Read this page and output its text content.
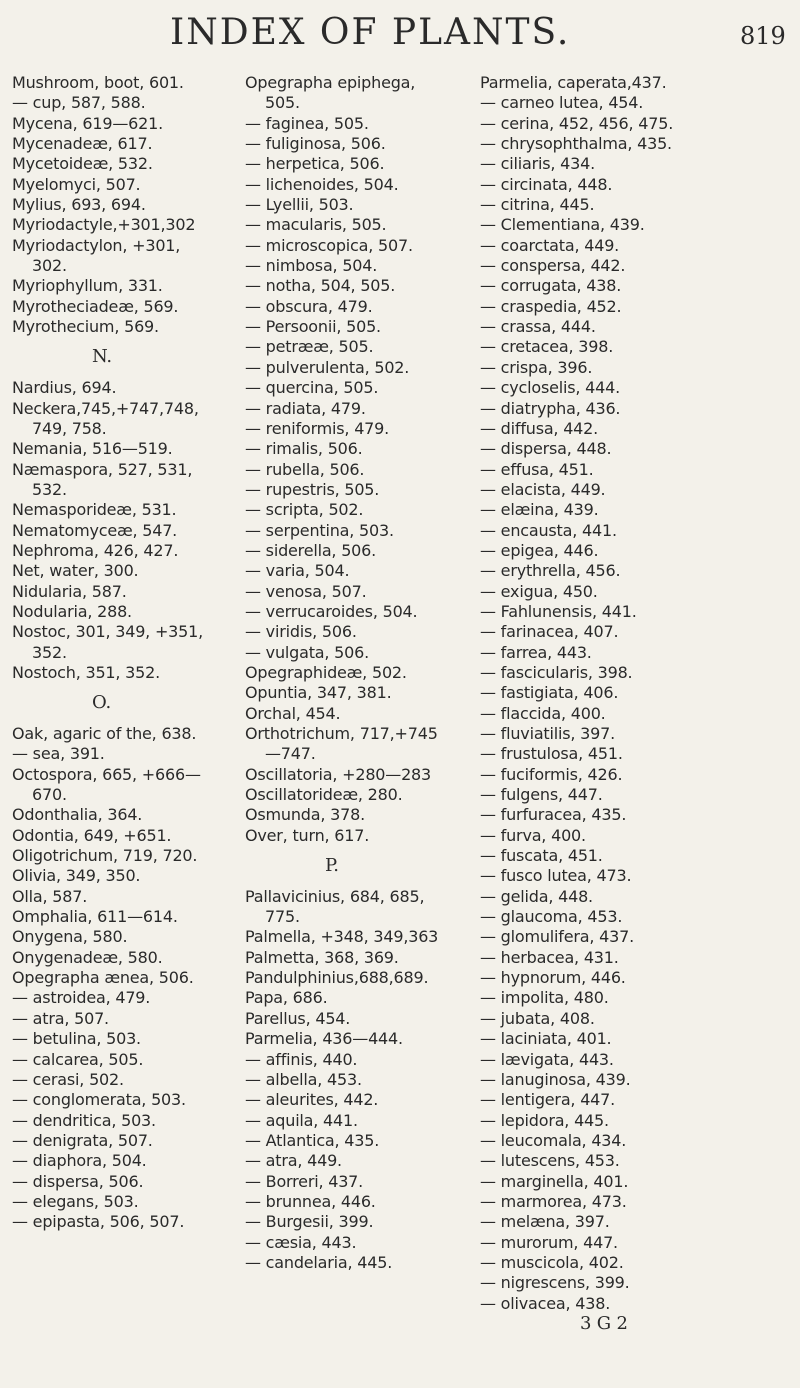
INDEX OF PLANTS.	819
Mushroom, boot, 601.
— cup, 587, 588.
Mycena, 619—621.
Mycenadeæ, 617.
Mycetoideæ, 532.
Myelomyci, 507.
Mylius, 693, 694.
Myriodactyle,+301,302
Myriodactylon, +301,
302.
Myriophyllum, 331.
Myrotheciadeæ, 569.
Myrothecium, 569.
N.
Nardius, 694.
Neckera,745,+747,748,
749, 758.
Nemania, 516—519.
Næmaspora, 527, 531,
532.
Nemasporideæ, 531.
Nematomyceæ, 547.
Nephroma, 426, 427.
Net, water, 300.
Nidularia, 587.
Nodularia, 288.
Nostoc, 301, 349, +351,
352.
Nostoch, 351, 352.
O.
Oak, agaric of the, 638.
— sea, 391.
Octospora, 665, +666—
670.
Odonthalia, 364.
Odontia, 649, +651.
Oligotrichum, 719, 720.
Olivia, 349, 350.
Olla, 587.
Omphalia, 611—614.
Onygena, 580.
Onygenadeæ, 580.
Opegrapha ænea, 506.
— astroidea, 479.
— atra, 507.
— betulina, 503.
— calcarea, 505.
— cerasi, 502.
— conglomerata, 503.
— dendritica, 503.
— denigrata, 507.
— diaphora, 504.
— dispersa, 506.
— elegans, 503.
— epipasta, 506, 507.
Opegrapha epiphega,
505.
— faginea, 505.
— fuliginosa, 506.
— herpetica, 506.
— lichenoides, 504.
— Lyellii, 503.
— macularis, 505.
— microscopica, 507.
— nimbosa, 504.
— notha, 504, 505.
— obscura, 479.
— Persoonii, 505.
— petrææ, 505.
— pulverulenta, 502.
— quercina, 505.
— radiata, 479.
— reniformis, 479.
— rimalis, 506.
— rubella, 506.
— rupestris, 505.
— scripta, 502.
— serpentina, 503.
— siderella, 506.
— varia, 504.
— venosa, 507.
— verrucaroides, 504.
— viridis, 506.
— vulgata, 506.
Opegraphideæ, 502.
Opuntia, 347, 381.
Orchal, 454.
Orthotrichum, 717,+745
—747.
Oscillatoria, +280—283
Oscillatorideæ, 280.
Osmunda, 378.
Over, turn, 617.
P.
Pallavicinius, 684, 685,
775.
Palmella, +348, 349,363
Palmetta, 368, 369.
Pandulphinius,688,689.
Papa, 686.
Parellus, 454.
Parmelia, 436—444.
— affinis, 440.
— albella, 453.
— aleurites, 442.
— aquila, 441.
— Atlantica, 435.
— atra, 449.
— Borreri, 437.
— brunnea, 446.
— Burgesii, 399.
— cæsia, 443.
— candelaria, 445.
Parmelia, caperata,437.
— carneo lutea, 454.
— cerina, 452, 456, 475.
— chrysophthalma, 435.
— ciliaris, 434.
— circinata, 448.
— citrina, 445.
— Clementiana, 439.
— coarctata, 449.
— conspersa, 442.
— corrugata, 438.
— craspedia, 452.
— crassa, 444.
— cretacea, 398.
— crispa, 396.
— cycloselis, 444.
— diatrypha, 436.
— diffusa, 442.
— dispersa, 448.
— effusa, 451.
— elacista, 449.
— elæina, 439.
— encausta, 441.
— epigea, 446.
— erythrella, 456.
— exigua, 450.
— Fahlunensis, 441.
— farinacea, 407.
— farrea, 443.
— fascicularis, 398.
— fastigiata, 406.
— flaccida, 400.
— fluviatilis, 397.
— frustulosa, 451.
— fuciformis, 426.
— fulgens, 447.
— furfuracea, 435.
— furva, 400.
— fuscata, 451.
— fusco lutea, 473.
— gelida, 448.
— glaucoma, 453.
— glomulifera, 437.
— herbacea, 431.
— hypnorum, 446.
— impolita, 480.
— jubata, 408.
— laciniata, 401.
— lævigata, 443.
— lanuginosa, 439.
— lentigera, 447.
— lepidora, 445.
— leucomala, 434.
— lutescens, 453.
— marginella, 401.
— marmorea, 473.
— melæna, 397.
— murorum, 447.
— muscicola, 402.
— nigrescens, 399.
— olivacea, 438.
3 G 2
